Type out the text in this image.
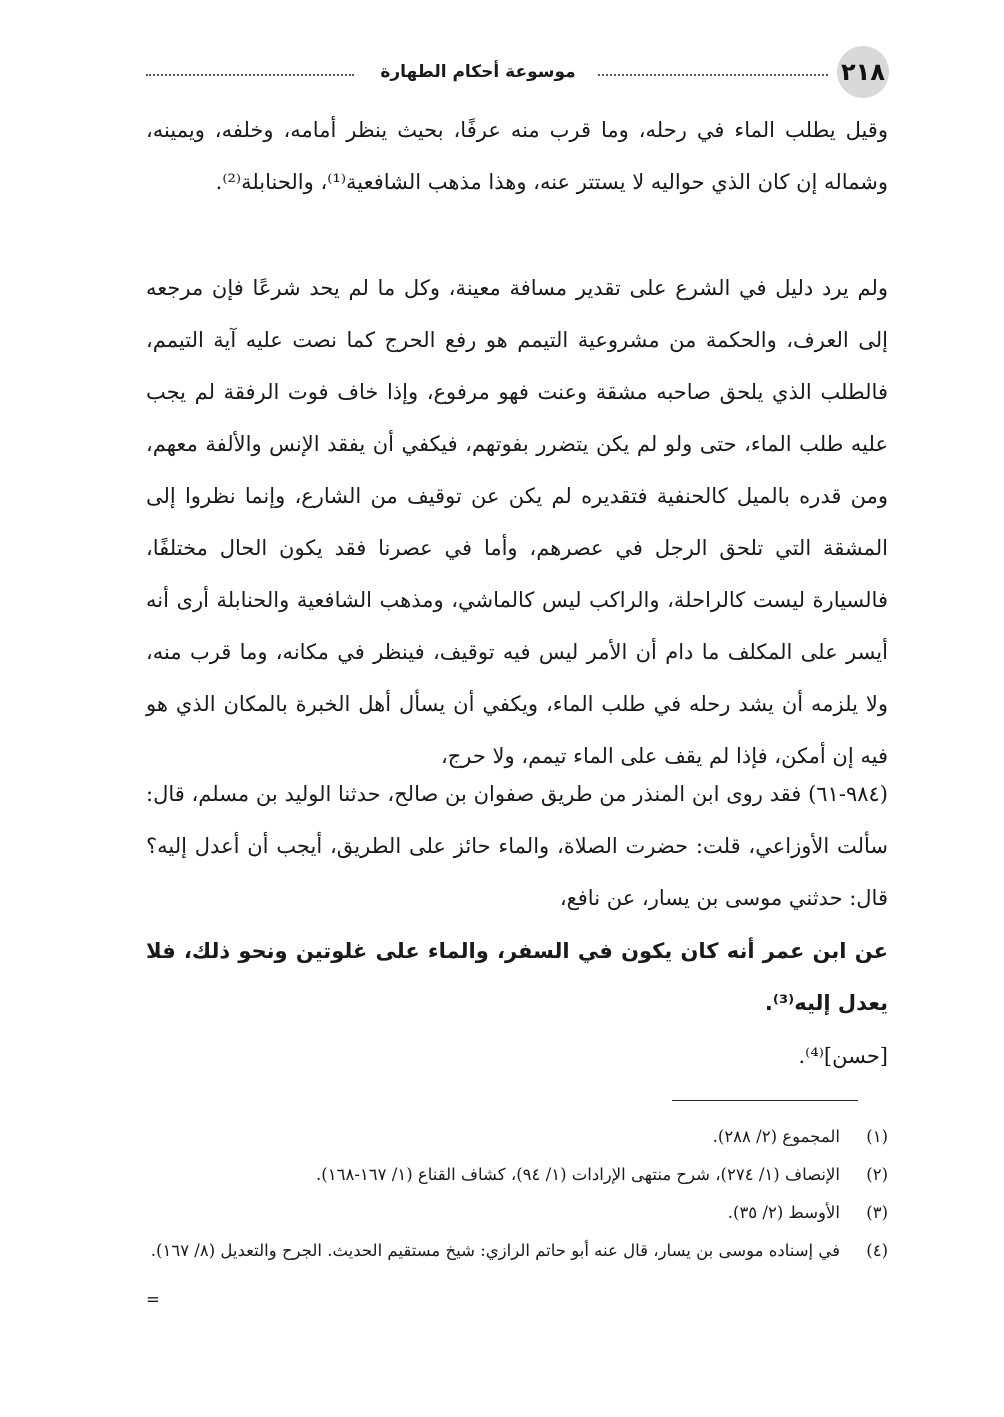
٢١٨
موسوعة أحكام الطهارة
وقيل يطلب الماء في رحله، وما قرب منه عرفًا، بحيث ينظر أمامه، وخلفه، ويمينه، وشماله إن كان الذي حواليه لا يستتر عنه، وهذا مذهب الشافعية⁽¹⁾، والحنابلة⁽²⁾.
ولم يرد دليل في الشرع على تقدير مسافة معينة، وكل ما لم يحد شرعًا فإن مرجعه إلى العرف، والحكمة من مشروعية التيمم هو رفع الحرج كما نصت عليه آية التيمم، فالطلب الذي يلحق صاحبه مشقة وعنت فهو مرفوع، وإذا خاف فوت الرفقة لم يجب عليه طلب الماء، حتى ولو لم يكن يتضرر بفوتهم، فيكفي أن يفقد الإنس والألفة معهم، ومن قدره بالميل كالحنفية فتقديره لم يكن عن توقيف من الشارع، وإنما نظروا إلى المشقة التي تلحق الرجل في عصرهم، وأما في عصرنا فقد يكون الحال مختلفًا، فالسيارة ليست كالراحلة، والراكب ليس كالماشي، ومذهب الشافعية والحنابلة أرى أنه أيسر على المكلف ما دام أن الأمر ليس فيه توقيف، فينظر في مكانه، وما قرب منه، ولا يلزمه أن يشد رحله في طلب الماء، ويكفي أن يسأل أهل الخبرة بالمكان الذي هو فيه إن أمكن، فإذا لم يقف على الماء تيمم، ولا حرج،
(٩٨٤-٦١) فقد روى ابن المنذر من طريق صفوان بن صالح، حدثنا الوليد بن مسلم، قال: سألت الأوزاعي، قلت: حضرت الصلاة، والماء حائز على الطريق، أيجب أن أعدل إليه؟ قال: حدثني موسى بن يسار، عن نافع،
عن ابن عمر أنه كان يكون في السفر، والماء على غلوتين ونحو ذلك، فلا يعدل إليه⁽³⁾.
[حسن]⁽⁴⁾.
(١)
المجموع (٢/ ٢٨٨).
(٢)
الإنصاف (١/ ٢٧٤)، شرح منتهى الإرادات (١/ ٩٤)، كشاف القناع (١/ ١٦٧-١٦٨).
(٣)
الأوسط (٢/ ٣٥).
(٤)
في إسناده موسى بن يسار، قال عنه أبو حاتم الرازي: شيخ مستقيم الحديث. الجرح والتعديل (٨/ ١٦٧).
=
